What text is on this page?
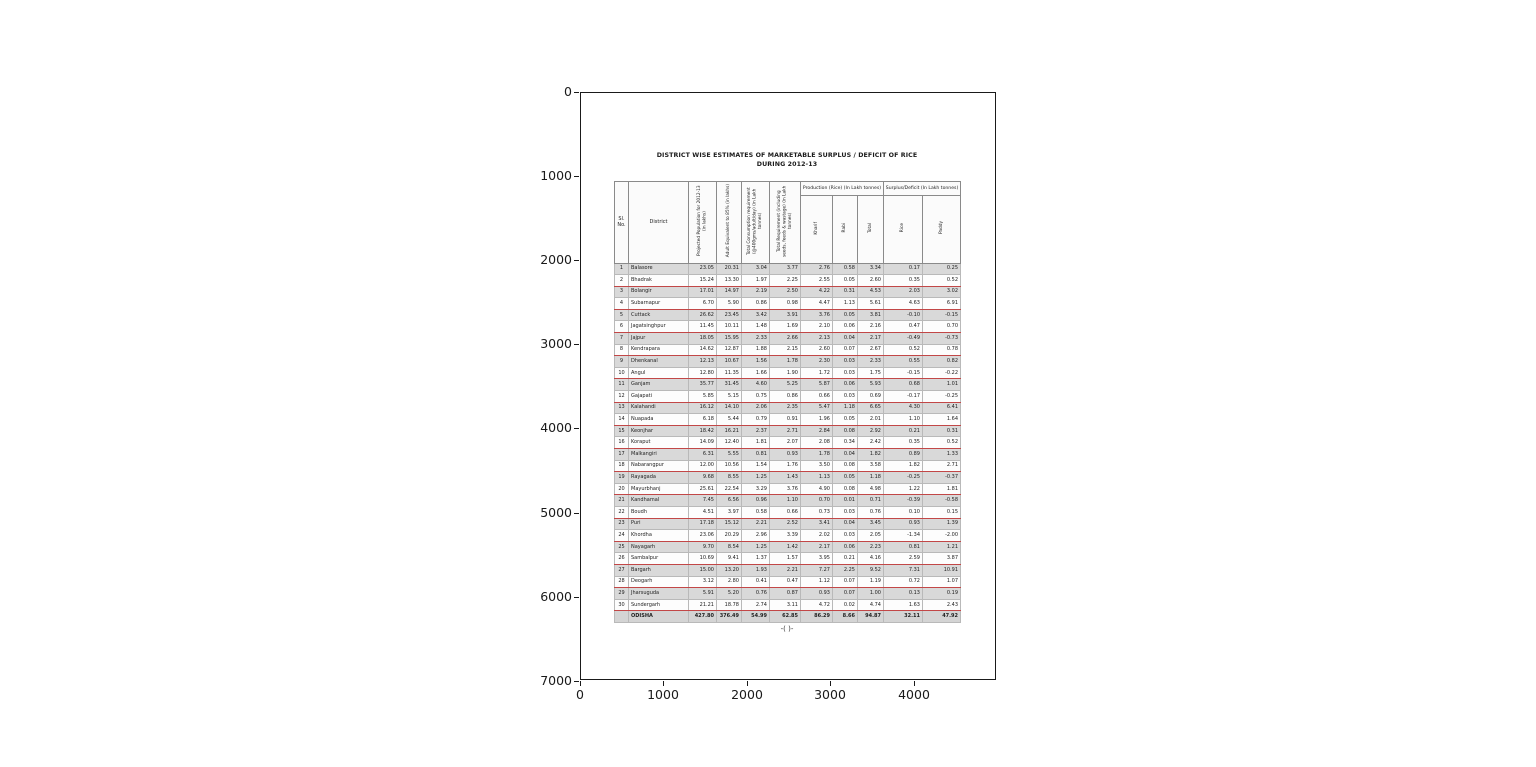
0
1000
2000
3000
4000
5000
6000
7000
0	1000	2000	3000	4000
DISTRICT WISE ESTIMATES OF MARKETABLE SURPLUS / DEFICIT OF RICE
DURING 2012-13
Sl. No.	District	Projected Population for 2012-13 (in lakhs)	Adult Equivalent to 85% (in lakhs)	Total Consumption requirement (@400gms/adult/day) (in Lakh tonnes)	Total Requirement (including seeds, feeds & wastage) (in Lakh tonnes)	Production (Rice) (In Lakh tonnes)			Surplus/Deficit (In Lakh tonnes)	
						Kharif	Rabi	Total	Rice	Paddy
1	Balasore	23.05	20.31	3.04	3.77	2.76	0.58	3.34	0.17	0.25
2	Bhadrak	15.24	13.30	1.97	2.25	2.55	0.05	2.60	0.35	0.52
3	Bolangir	17.01	14.97	2.19	2.50	4.22	0.31	4.53	2.03	3.02
4	Subarnapur	6.70	5.90	0.86	0.98	4.47	1.13	5.61	4.63	6.91
5	Cuttack	26.62	23.45	3.42	3.91	3.76	0.05	3.81	-0.10	-0.15
6	Jagatsinghpur	11.45	10.11	1.48	1.69	2.10	0.06	2.16	0.47	0.70
7	Jajpur	18.05	15.95	2.33	2.66	2.13	0.04	2.17	-0.49	-0.73
8	Kendrapara	14.62	12.87	1.88	2.15	2.60	0.07	2.67	0.52	0.78
9	Dhenkanal	12.13	10.67	1.56	1.78	2.30	0.03	2.33	0.55	0.82
10	Angul	12.80	11.35	1.66	1.90	1.72	0.03	1.75	-0.15	-0.22
11	Ganjam	35.77	31.45	4.60	5.25	5.87	0.06	5.93	0.68	1.01
12	Gajapati	5.85	5.15	0.75	0.86	0.66	0.03	0.69	-0.17	-0.25
13	Kalahandi	16.12	14.10	2.06	2.35	5.47	1.18	6.65	4.30	6.41
14	Nuapada	6.18	5.44	0.79	0.91	1.96	0.05	2.01	1.10	1.64
15	Keonjhar	18.42	16.21	2.37	2.71	2.84	0.08	2.92	0.21	0.31
16	Koraput	14.09	12.40	1.81	2.07	2.08	0.34	2.42	0.35	0.52
17	Malkangiri	6.31	5.55	0.81	0.93	1.78	0.04	1.82	0.89	1.33
18	Nabarangpur	12.00	10.56	1.54	1.76	3.50	0.08	3.58	1.82	2.71
19	Rayagada	9.68	8.55	1.25	1.43	1.13	0.05	1.18	-0.25	-0.37
20	Mayurbhanj	25.61	22.54	3.29	3.76	4.90	0.08	4.98	1.22	1.81
21	Kandhamal	7.45	6.56	0.96	1.10	0.70	0.01	0.71	-0.39	-0.58
22	Boudh	4.51	3.97	0.58	0.66	0.73	0.03	0.76	0.10	0.15
23	Puri	17.18	15.12	2.21	2.52	3.41	0.04	3.45	0.93	1.39
24	Khordha	23.06	20.29	2.96	3.39	2.02	0.03	2.05	-1.34	-2.00
25	Nayagarh	9.70	8.54	1.25	1.42	2.17	0.06	2.23	0.81	1.21
26	Sambalpur	10.69	9.41	1.37	1.57	3.95	0.21	4.16	2.59	3.87
27	Bargarh	15.00	13.20	1.93	2.21	7.27	2.25	9.52	7.31	10.91
28	Deogarh	3.12	2.80	0.41	0.47	1.12	0.07	1.19	0.72	1.07
29	Jharsuguda	5.91	5.20	0.76	0.87	0.93	0.07	1.00	0.13	0.19
30	Sundergarh	21.21	18.78	2.74	3.11	4.72	0.02	4.74	1.63	2.43
	ODISHA	427.80	376.49	54.99	62.85	86.29	8.66	94.87	32.11	47.92
-( )-
